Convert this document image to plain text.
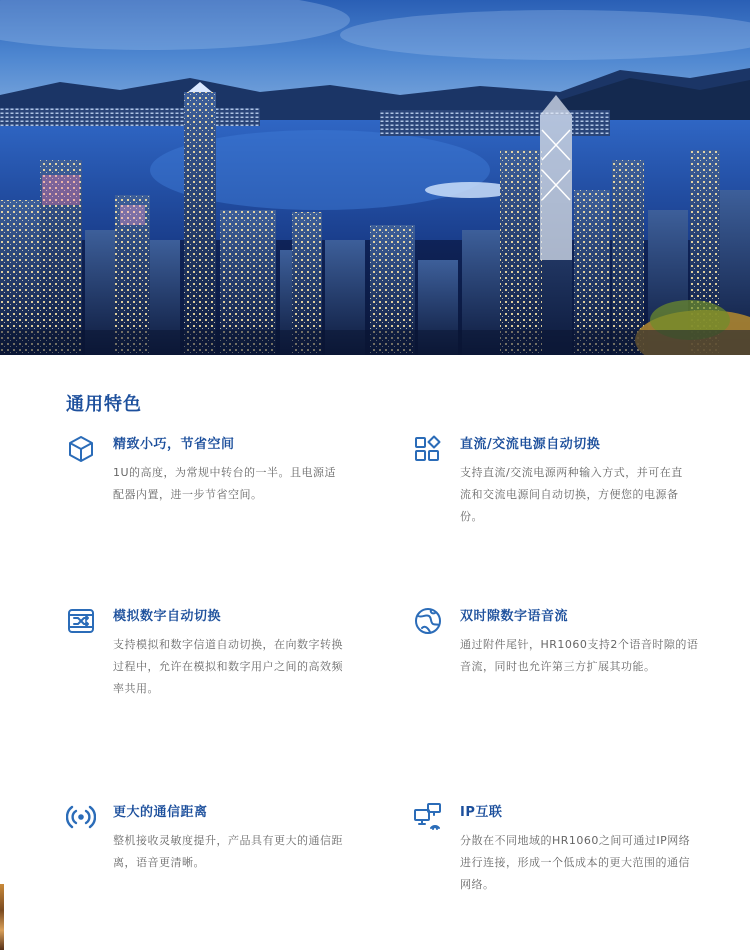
通用特色
精致小巧，节省空间

1U的高度，为常规中转台的一半。且电源适配器内置，进一步节省空间。

直流/交流电源自动切换

支持直流/交流电源两种输入方式，并可在直流和交流电源间自动切换，方便您的电源备份。

模拟数字自动切换

支持模拟和数字信道自动切换，在向数字转换过程中，允许在模拟和数字用户之间的高效频率共用。

双时隙数字语音流

通过附件尾针，HR1060支持2个语音时隙的语音流，同时也允许第三方扩展其功能。

更大的通信距离

整机接收灵敏度提升，产品具有更大的通信距离，语音更清晰。

IP互联

分散在不同地域的HR1060之间可通过IP网络进行连接，形成一个低成本的更大范围的通信网络。
